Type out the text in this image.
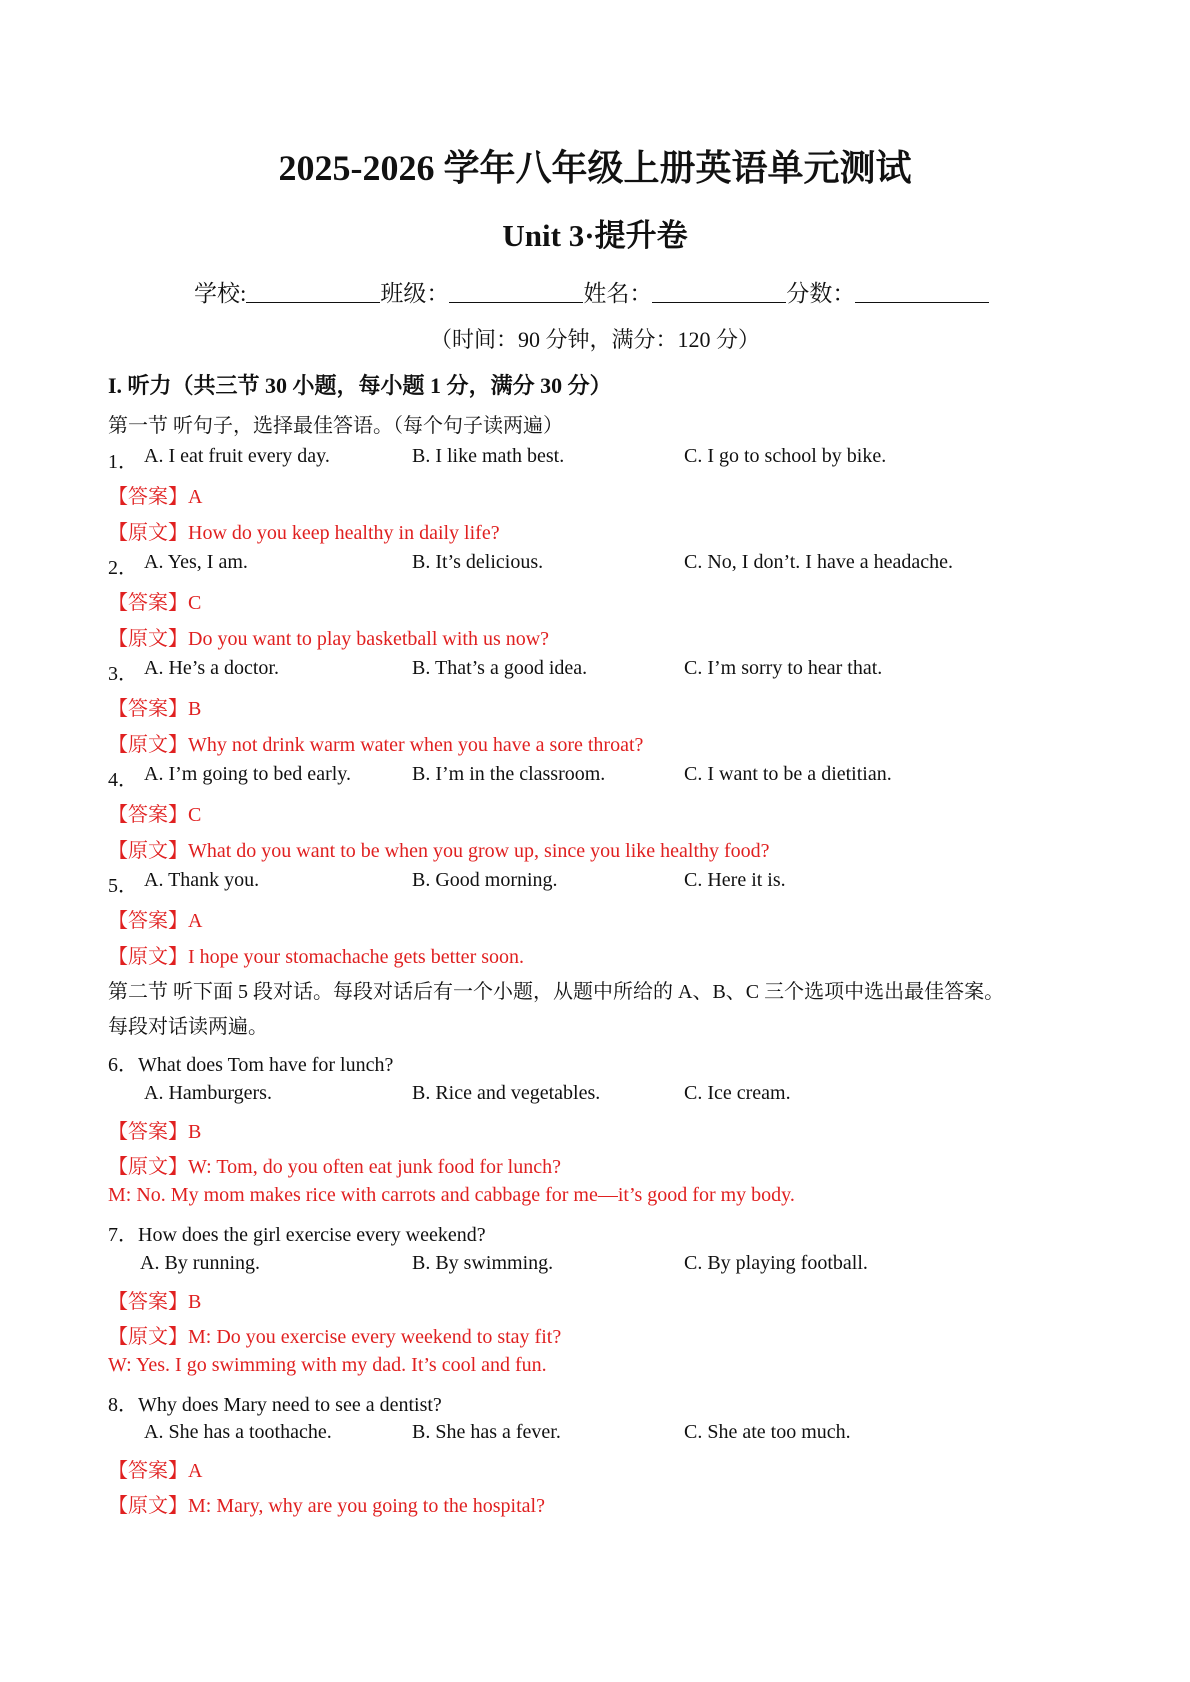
2025-2026 学年八年级上册英语单元测试
Unit 3·提升卷
学校:	班级：	姓名：	分数：
（时间：90 分钟，满分：120 分）
I. 听力（共三节 30 小题，每小题 1 分，满分 30 分）
第一节 听句子，选择最佳答语。（每个句子读两遍）
1． A. I eat fruit every day.	B. I like math best.	C. I go to school by bike.
【答案】A
【原文】How do you keep healthy in daily life?
2． A. Yes, I am.	B. It’s delicious.	C. No, I don’t. I have a headache.
【答案】C
【原文】Do you want to play basketball with us now?
3． A. He’s a doctor.	B. That’s a good idea.	C. I’m sorry to hear that.
【答案】B
【原文】Why not drink warm water when you have a sore throat?
4． A. I’m going to bed early.	B. I’m in the classroom.	C. I want to be a dietitian.
【答案】C
【原文】What do you want to be when you grow up, since you like healthy food?
5． A. Thank you.	B. Good morning.	C. Here it is.
【答案】A
【原文】I hope your stomachache gets better soon.
第二节 听下面 5 段对话。每段对话后有一个小题，从题中所给的 A、B、C 三个选项中选出最佳答案。
每段对话读两遍。
6．What does Tom have for lunch?
A. Hamburgers.	B. Rice and vegetables.	C. Ice cream.
【答案】B
【原文】W: Tom, do you often eat junk food for lunch?
M: No. My mom makes rice with carrots and cabbage for me—it’s good for my body.
7．How does the girl exercise every weekend?
A. By running.	B. By swimming.	C. By playing football.
【答案】B
【原文】M: Do you exercise every weekend to stay fit?
W: Yes. I go swimming with my dad. It’s cool and fun.
8．Why does Mary need to see a dentist?
A. She has a toothache.	B. She has a fever.	C. She ate too much.
【答案】A
【原文】M: Mary, why are you going to the hospital?
